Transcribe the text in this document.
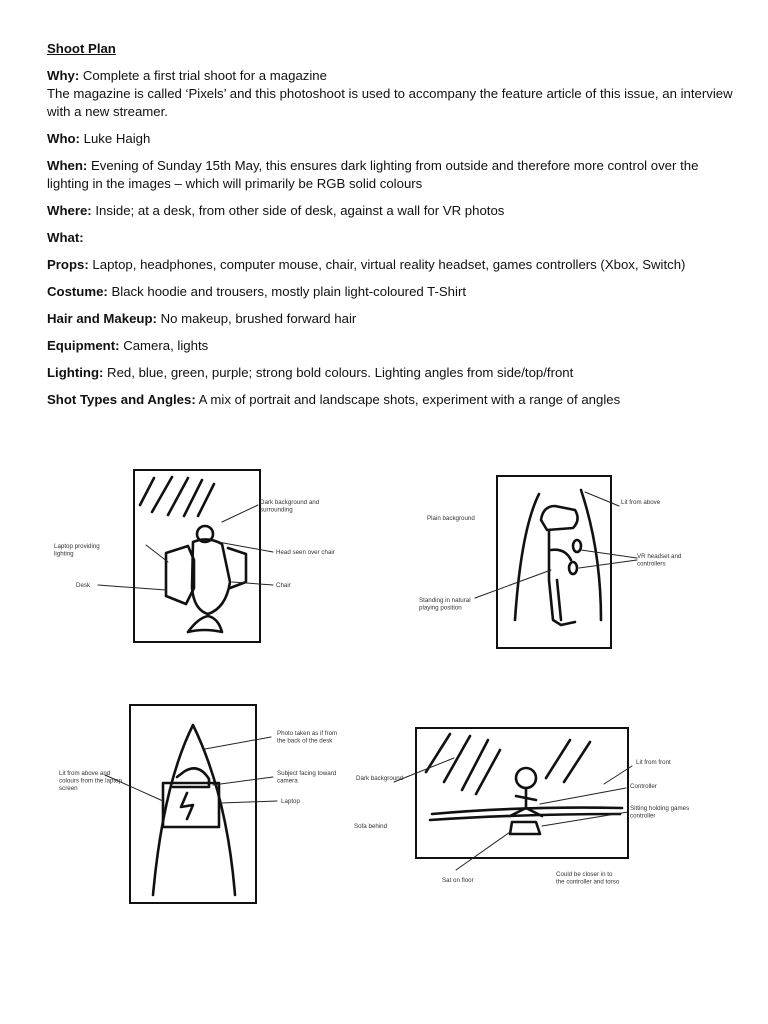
Shoot Plan
Why: Complete a first trial shoot for a magazine
The magazine is called ‘Pixels’ and this photoshoot is used to accompany the feature article of this issue, an interview with a new streamer.
Who: Luke Haigh
When: Evening of Sunday 15th May, this ensures dark lighting from outside and therefore more control over the lighting in the images – which will primarily be RGB solid colours
Where: Inside; at a desk, from other side of desk, against a wall for VR photos
What:
Props: Laptop, headphones, computer mouse, chair, virtual reality headset, games controllers (Xbox, Switch)
Costume: Black hoodie and trousers, mostly plain light-coloured T-Shirt
Hair and Makeup: No makeup, brushed forward hair
Equipment: Camera, lights
Lighting: Red, blue, green, purple; strong bold colours. Lighting angles from side/top/front
Shot Types and Angles: A mix of portrait and landscape shots, experiment with a range of angles
Dark background and surrounding
Laptop providing lighting	Head seen over chair
Desk	Chair
Lit from above
Plain background
VR headset and controllers
Standing in natural playing position
Photo taken as if from the back of the desk
Lit from above and colours from the laptop screen
Subject facing toward camera
Laptop
Dark background
Lit from front
Controller
Sitting holding games controller
Sofa behind
Sat on floor
Could be closer in to the controller and torso
